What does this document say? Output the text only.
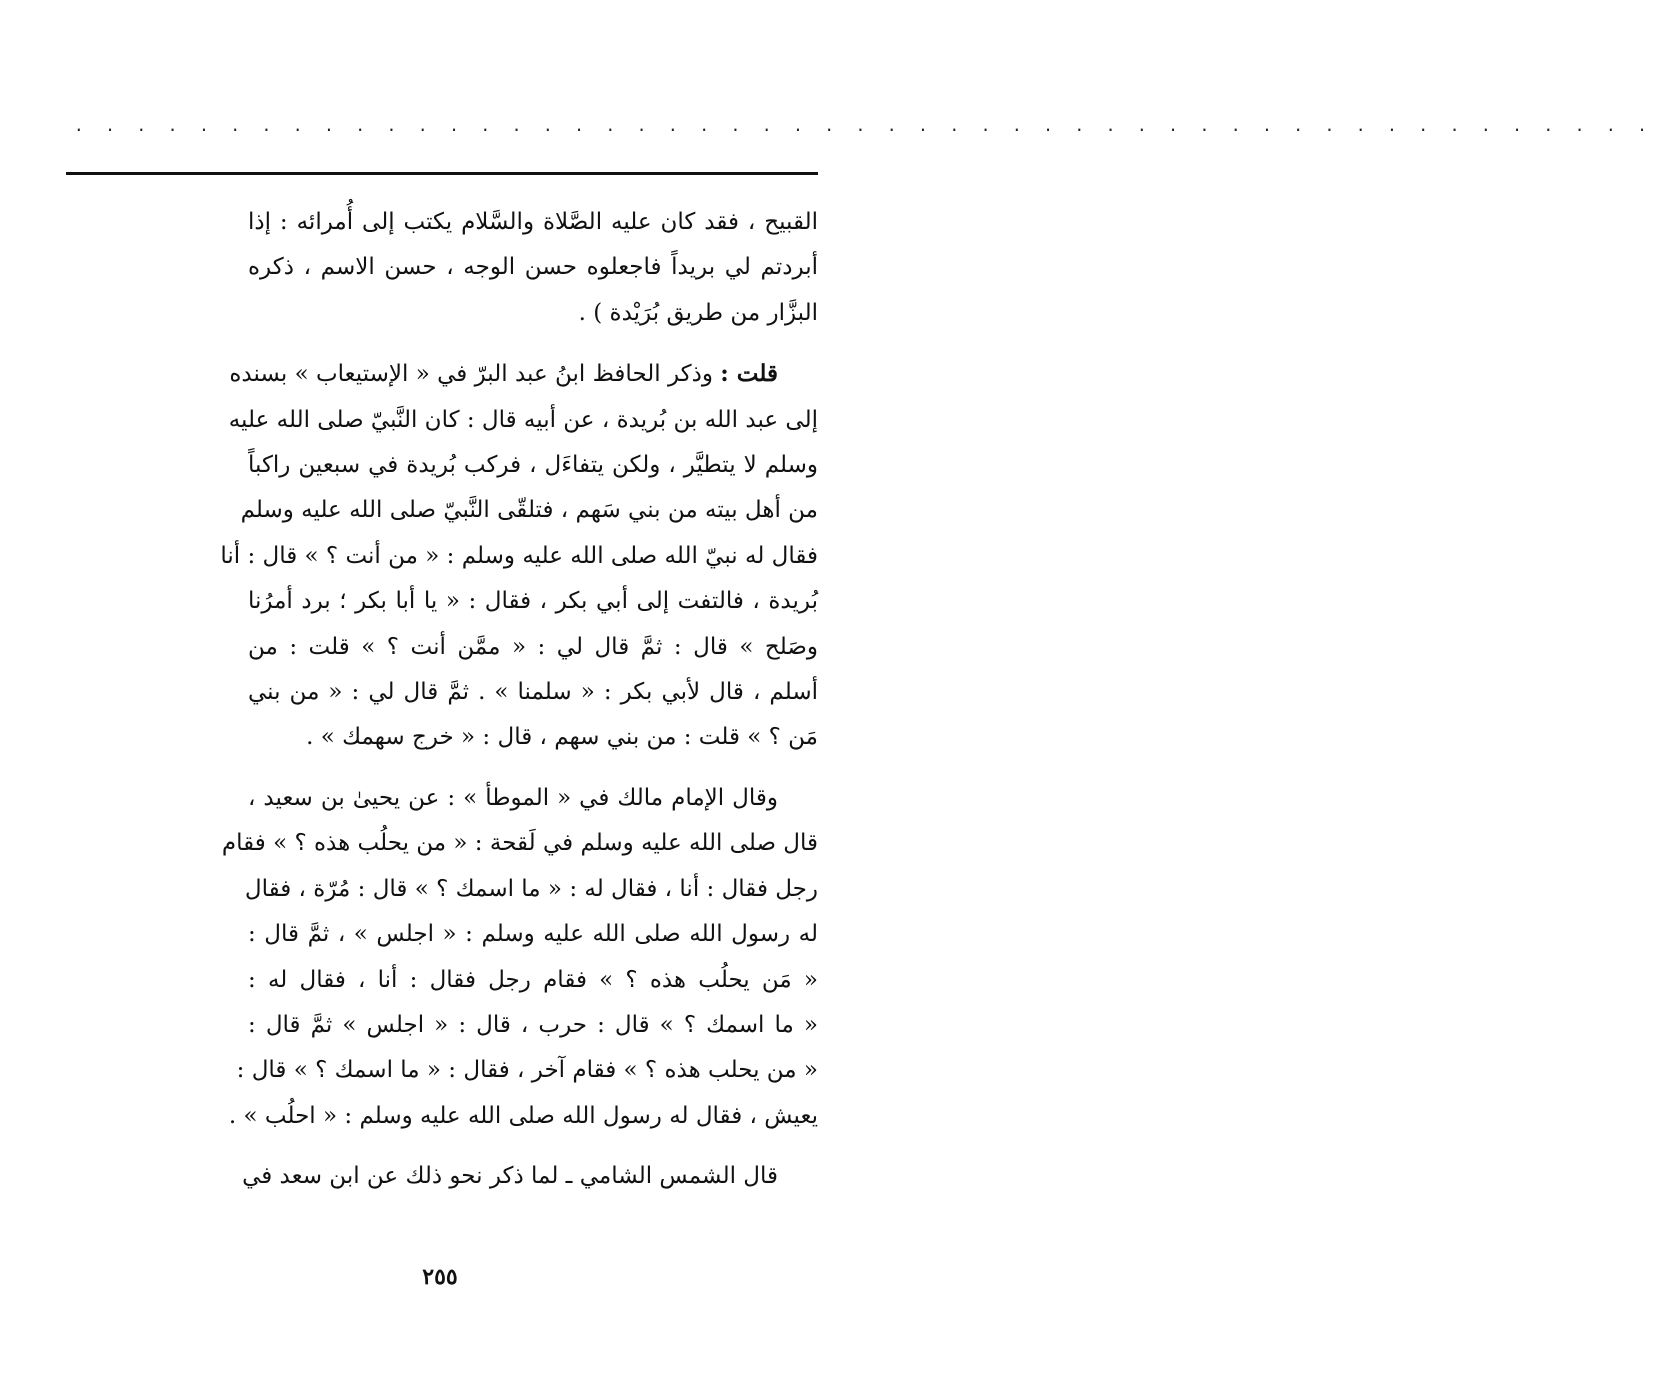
. . . . . . . . . . . . . . . . . . . . . . . . . . . . . . . . . . . . . . . . . . . . . . . . . . .

القبيح ، فقد كان عليه الصَّلاة والسَّلام يكتب إلى أُمرائه : إذا
أبردتم لي بريداً فاجعلوه حسن الوجه ، حسن الاسم ، ذكره
البزَّار من طريق بُرَيْدة ) .

قلت : وذكر الحافظ ابنُ عبد البرّ في « الإستيعاب » بسنده
إلى عبد الله بن بُريدة ، عن أبيه قال : كان النَّبيّ صلى الله عليه
وسلم لا يتطيَّر ، ولكن يتفاءَل ، فركب بُريدة في سبعين راكباً
من أهل بيته من بني سَهم ، فتلقّى النَّبيّ صلى الله عليه وسلم
فقال له نبيّ الله صلى الله عليه وسلم : « من أنت ؟ » قال : أنا
بُريدة ، فالتفت إلى أبي بكر ، فقال : « يا أبا بكر ؛ برد أمرُنا
وصَلح » قال : ثمَّ قال لي : « ممَّن أنت ؟ » قلت : من
أسلم ، قال لأبي بكر : « سلمنا » . ثمَّ قال لي : « من بني
مَن ؟ » قلت : من بني سهم ، قال : « خرج سهمك » .

وقال الإمام مالك في « الموطأ » : عن يحيىٰ بن سعيد ،
قال صلى الله عليه وسلم في لَقحة : « من يحلُب هذه ؟ » فقام
رجل فقال : أنا ، فقال له : « ما اسمك ؟ » قال : مُرّة ، فقال
له رسول الله صلى الله عليه وسلم : « اجلس » ، ثمَّ قال :
« مَن يحلُب هذه ؟ » فقام رجل فقال : أنا ، فقال له :
« ما اسمك ؟ » قال : حرب ، قال : « اجلس » ثمَّ قال :
« من يحلب هذه ؟ » فقام آخر ، فقال : « ما اسمك ؟ » قال :
يعيش ، فقال له رسول الله صلى الله عليه وسلم : « احلُب » .

قال الشمس الشامي ـ لما ذكر نحو ذلك عن ابن سعد في

٢٥٥
